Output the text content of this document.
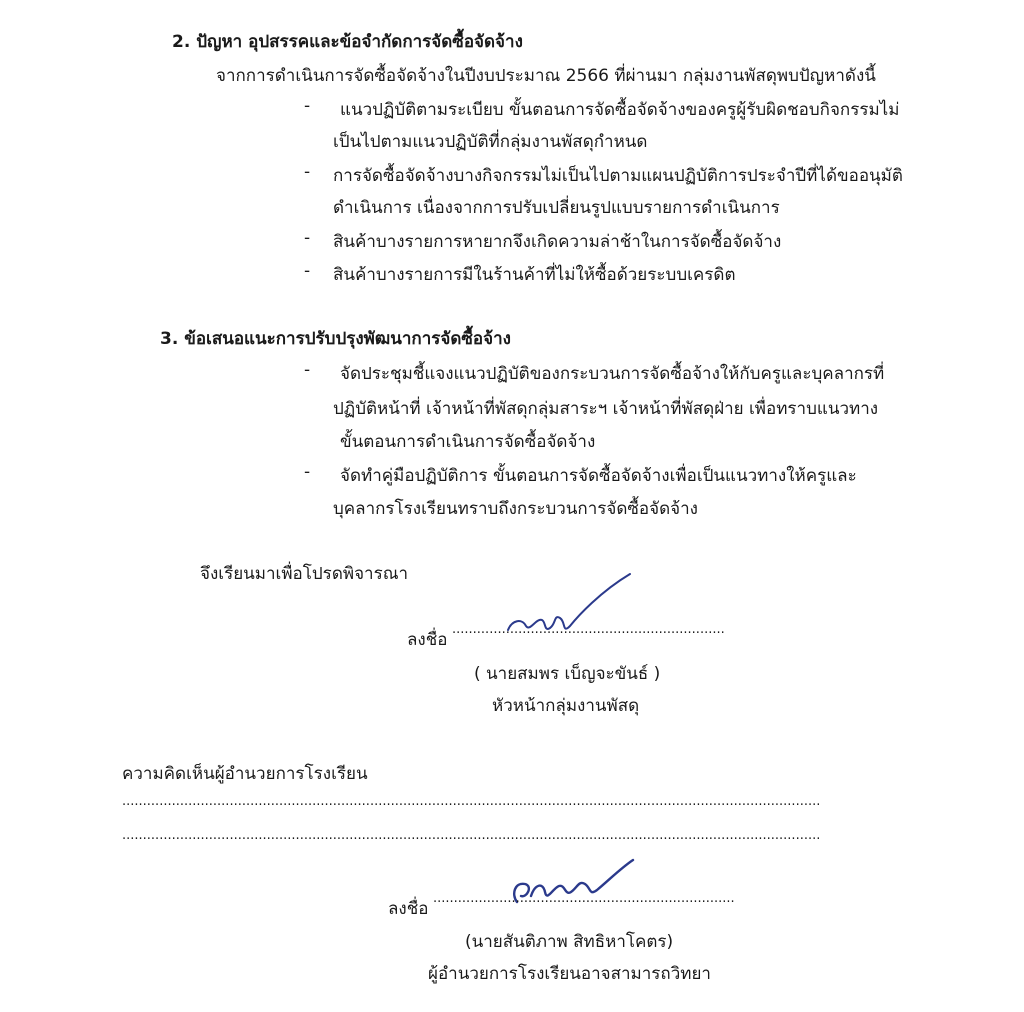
2. ปัญหา อุปสรรคและข้อจำกัดการจัดซื้อจัดจ้าง
จากการดำเนินการจัดซื้อจัดจ้างในปีงบประมาณ 2566 ที่ผ่านมา กลุ่มงานพัสดุพบปัญหาดังนี้
-	แนวปฏิบัติตามระเบียบ ขั้นตอนการจัดซื้อจัดจ้างของครูผู้รับผิดชอบกิจกรรมไม่
เป็นไปตามแนวปฏิบัติที่กลุ่มงานพัสดุกำหนด
-	การจัดซื้อจัดจ้างบางกิจกรรมไม่เป็นไปตามแผนปฏิบัติการประจำปีที่ได้ขออนุมัติ
ดำเนินการ เนื่องจากการปรับเปลี่ยนรูปแบบรายการดำเนินการ
-	สินค้าบางรายการหายากจึงเกิดความล่าช้าในการจัดซื้อจัดจ้าง
-	สินค้าบางรายการมีในร้านค้าที่ไม่ให้ซื้อด้วยระบบเครดิต
3. ข้อเสนอแนะการปรับปรุงพัฒนาการจัดซื้อจ้าง
-	จัดประชุมชี้แจงแนวปฏิบัติของกระบวนการจัดซื้อจ้างให้กับครูและบุคลากรที่
ปฏิบัติหน้าที่ เจ้าหน้าที่พัสดุกลุ่มสาระฯ เจ้าหน้าที่พัสดุฝ่าย เพื่อทราบแนวทาง
ขั้นตอนการดำเนินการจัดซื้อจัดจ้าง
-	จัดทำคู่มือปฏิบัติการ ขั้นตอนการจัดซื้อจัดจ้างเพื่อเป็นแนวทางให้ครูและ
บุคลากรโรงเรียนทราบถึงกระบวนการจัดซื้อจัดจ้าง
จึงเรียนมาเพื่อโปรดพิจารณา
ลงชื่อ
..................................................................
( นายสมพร เบ็ญจะขันธ์ )
หัวหน้ากลุ่มงานพัสดุ
ความคิดเห็นผู้อำนวยการโรงเรียน
.........................................................................................................................................................................
.........................................................................................................................................................................
ลงชื่อ
.........................................................................
(นายสันติภาพ สิทธิหาโคตร)
ผู้อำนวยการโรงเรียนอาจสามารถวิทยา
